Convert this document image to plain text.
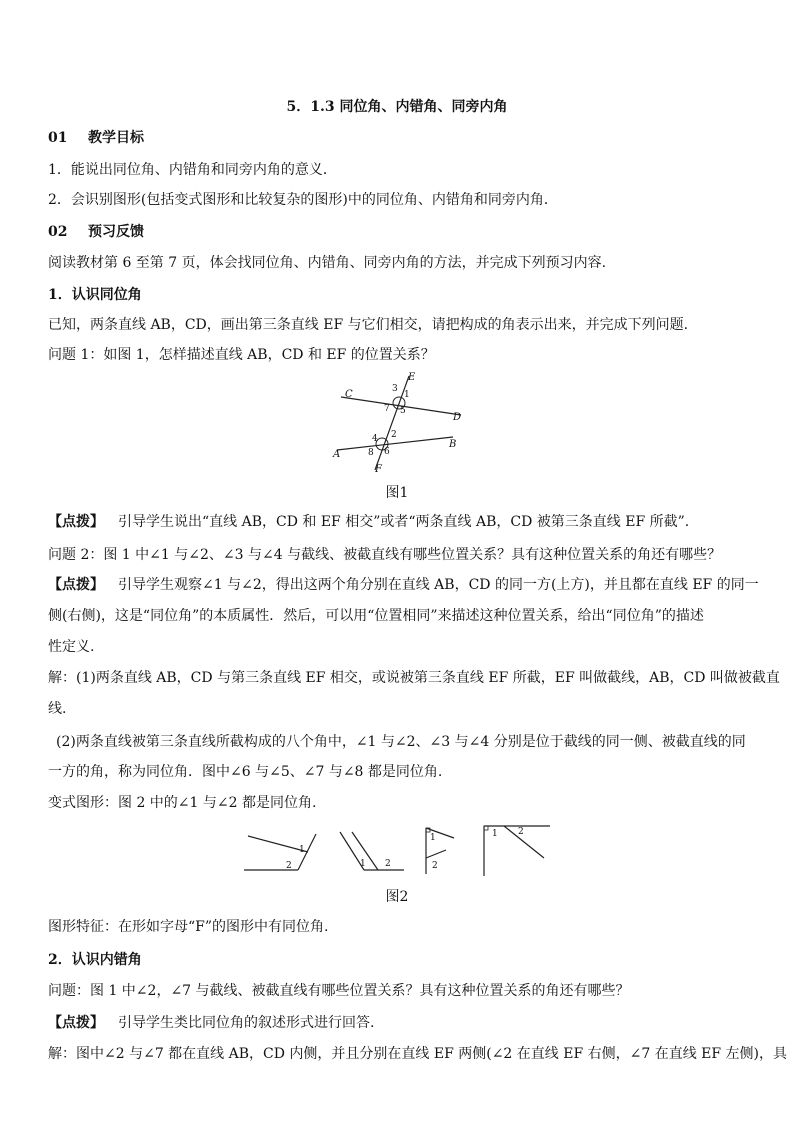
5．1.3 同位角、内错角、同旁内角
01 教学目标
1．能说出同位角、内错角和同旁内角的意义．
2．会识别图形(包括变式图形和比较复杂的图形)中的同位角、内错角和同旁内角．
02 预习反馈
阅读教材第 6 至第 7 页，体会找同位角、内错角、同旁内角的方法，并完成下列预习内容.
1．认识同位角
已知，两条直线 AB，CD，画出第三条直线 EF 与它们相交，请把构成的角表示出来，并完成下列问题.
问题 1：如图 1，怎样描述直线 AB，CD 和 EF 的位置关系？
C
D
E
F
A
B
3
1
7 5
4 2
8 6
图1
【点拨】 引导学生说出“直线 AB，CD 和 EF 相交”或者“两条直线 AB，CD 被第三条直线 EF 所截”.
问题 2：图 1 中∠1 与∠2、∠3 与∠4 与截线、被截直线有哪些位置关系？具有这种位置关系的角还有哪些？
【点拨】 引导学生观察∠1 与∠2，得出这两个角分别在直线 AB，CD 的同一方(上方)，并且都在直线 EF 的同一
侧(右侧)，这是“同位角”的本质属性．然后，可以用“位置相同”来描述这种位置关系，给出“同位角”的描述
性定义.
解：(1)两条直线 AB，CD 与第三条直线 EF 相交，或说被第三条直线 EF 所截，EF 叫做截线，AB，CD 叫做被截直
线.
(2)两条直线被第三条直线所截构成的八个角中，∠1 与∠2、∠3 与∠4 分别是位于截线的同一侧、被截直线的同
一方的角，称为同位角．图中∠6 与∠5、∠7 与∠8 都是同位角.
变式图形：图 2 中的∠1 与∠2 都是同位角.
1
2	1 2
1
2
1 2
图2
图形特征：在形如字母“F”的图形中有同位角.
2．认识内错角
问题：图 1 中∠2，∠7 与截线、被截直线有哪些位置关系？具有这种位置关系的角还有哪些？
【点拨】 引导学生类比同位角的叙述形式进行回答.
解：图中∠2 与∠7 都在直线 AB，CD 内侧，并且分别在直线 EF 两侧(∠2 在直线 EF 右侧，∠7 在直线 EF 左侧)，具
